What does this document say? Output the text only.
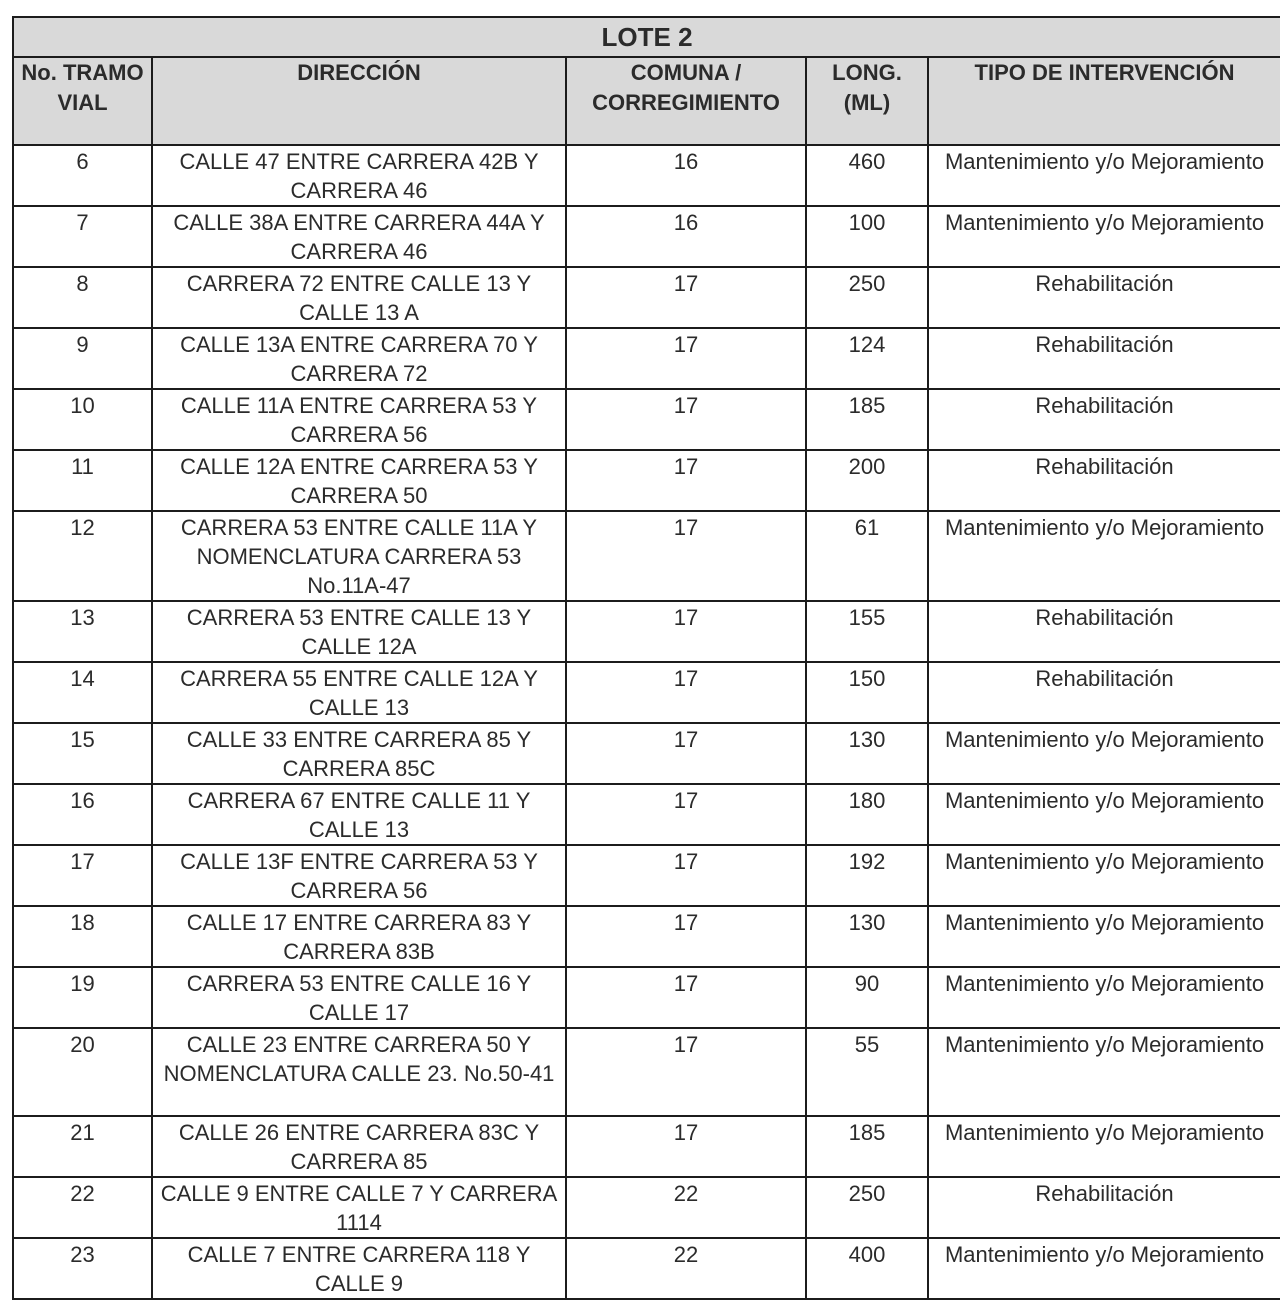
LOTE 2				
No. TRAMO VIAL	DIRECCIÓN	COMUNA / CORREGIMIENTO	LONG. (ML)	TIPO DE INTERVENCIÓN
6	CALLE 47 ENTRE CARRERA 42B Y CARRERA 46	16	460	Mantenimiento y/o Mejoramiento
7	CALLE 38A ENTRE CARRERA 44A Y CARRERA 46	16	100	Mantenimiento y/o Mejoramiento
8	CARRERA 72 ENTRE CALLE 13 Y CALLE 13 A	17	250	Rehabilitación
9	CALLE 13A ENTRE CARRERA 70 Y CARRERA 72	17	124	Rehabilitación
10	CALLE 11A ENTRE CARRERA 53 Y CARRERA 56	17	185	Rehabilitación
11	CALLE 12A ENTRE CARRERA 53 Y CARRERA 50	17	200	Rehabilitación
12	CARRERA 53 ENTRE CALLE 11A Y NOMENCLATURA CARRERA 53 No.11A-47	17	61	Mantenimiento y/o Mejoramiento
13	CARRERA 53 ENTRE CALLE 13 Y CALLE 12A	17	155	Rehabilitación
14	CARRERA 55 ENTRE CALLE 12A Y CALLE 13	17	150	Rehabilitación
15	CALLE 33 ENTRE CARRERA 85 Y CARRERA 85C	17	130	Mantenimiento y/o Mejoramiento
16	CARRERA 67 ENTRE CALLE 11 Y CALLE 13	17	180	Mantenimiento y/o Mejoramiento
17	CALLE 13F ENTRE CARRERA 53 Y CARRERA 56	17	192	Mantenimiento y/o Mejoramiento
18	CALLE 17 ENTRE CARRERA 83 Y CARRERA 83B	17	130	Mantenimiento y/o Mejoramiento
19	CARRERA 53 ENTRE CALLE 16 Y CALLE 17	17	90	Mantenimiento y/o Mejoramiento
20	CALLE 23 ENTRE CARRERA 50 Y NOMENCLATURA CALLE 23. No.50-41	17	55	Mantenimiento y/o Mejoramiento
21	CALLE 26 ENTRE CARRERA 83C Y CARRERA 85	17	185	Mantenimiento y/o Mejoramiento
22	CALLE 9 ENTRE CALLE 7 Y CARRERA 1114	22	250	Rehabilitación
23	CALLE 7 ENTRE CARRERA 118 Y CALLE 9	22	400	Mantenimiento y/o Mejoramiento
